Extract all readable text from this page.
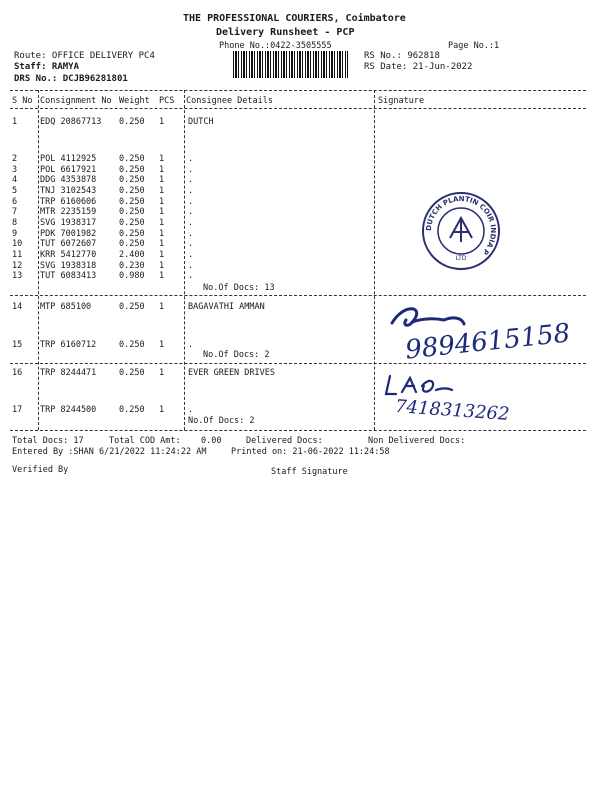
THE PROFESSIONAL COURIERS, Coimbatore
Delivery Runsheet - PCP
Phone No.:0422-3505555	Page No.:1
Route: OFFICE DELIVERY PC4
Staff: RAMYA
DRS No.: DCJB96281801
RS No.: 962818
RS Date: 21-Jun-2022
S No Consignment No Weight PCS Consignee Details	Signature
1	EDQ 20867713 0.250 1	DUTCH
2	POL 4112925	0.250 1	.
3	POL 6617921	0.250 1	.
4	DDG 4353878	0.250 1	.
5	TNJ 3102543	0.250 1	.
6	TRP 6160606	0.250 1	.
7	MTR 2235159	0.250 1	.
8	SVG 1938317	0.250 1	.
9	PDK 7001982	0.250 1	.
10 TUT 6072607	0.250 1	.
11 KRR 5412770	2.400 1	.
12 SVG 1938318	0.230 1	.
13 TUT 6083413	0.980 1	.
14 MTP 685100	0.250 1	BAGAVATHI AMMAN
15 TRP 6160712	0.250 1	.
16 TRP 8244471	0.250 1	EVER GREEN DRIVES
17 TRP 8244500	0.250 1	.
No.Of Docs: 13
No.Of Docs: 2
No.Of Docs: 2
DUTCH PLANTIN COIR INDIA P
LTD
9894615158
7418313262
Total Docs: 17	Total COD Amt: 0.00	Delivered Docs:	Non Delivered Docs:
Entered By :SHAN 6/21/2022 11:24:22 AM	Printed on: 21-06-2022 11:24:58
Verified By	Staff Signature
